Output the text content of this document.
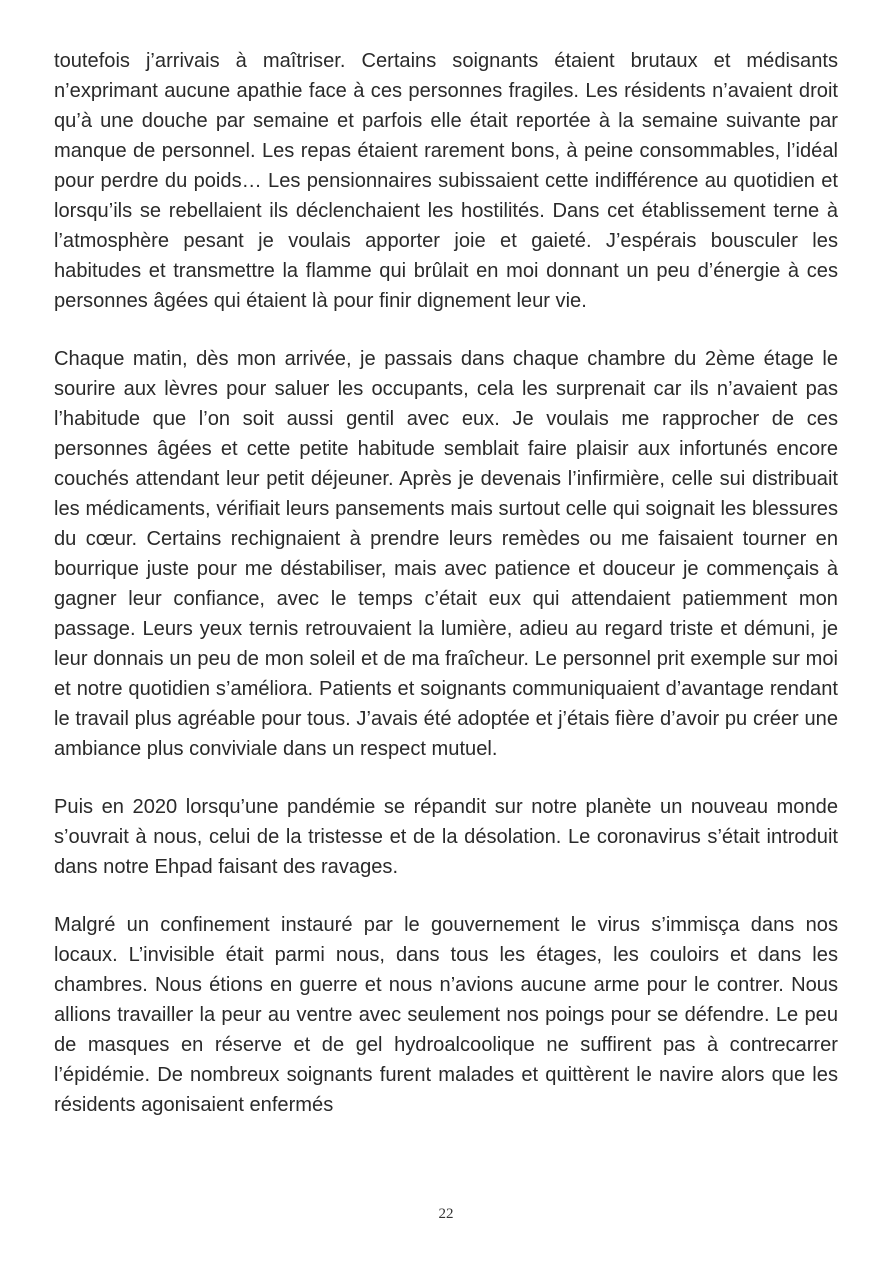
toutefois j’arrivais à maîtriser. Certains soignants étaient brutaux et médisants n’exprimant aucune apathie face à ces personnes fragiles. Les résidents n’avaient droit qu’à une douche par semaine et parfois elle était reportée à la semaine suivante par manque de personnel. Les repas étaient rarement bons, à peine consommables, l’idéal pour perdre du poids… Les pensionnaires subissaient cette indifférence au quotidien et lorsqu’ils se rebellaient ils déclenchaient les hostilités. Dans cet établissement terne à l’atmosphère pesant je voulais apporter joie et gaieté. J’espérais bousculer les habitudes et transmettre la flamme qui brûlait en moi donnant un peu d’énergie à ces personnes âgées qui étaient là pour finir dignement leur vie.

Chaque matin, dès mon arrivée, je passais dans chaque chambre du 2ème étage le sourire aux lèvres pour saluer les occupants, cela les surprenait car ils n’avaient pas l’habitude que l’on soit aussi gentil avec eux. Je voulais me rapprocher de ces personnes âgées et cette petite habitude semblait faire plaisir aux infortunés encore couchés attendant leur petit déjeuner. Après je devenais l’infirmière, celle sui distribuait les médicaments, vérifiait leurs pansements mais surtout celle qui soignait les blessures du cœur. Certains rechignaient à prendre leurs remèdes ou me faisaient tourner en bourrique juste pour me déstabiliser, mais avec patience et douceur je commençais à gagner leur confiance, avec le temps c’était eux qui attendaient patiemment mon passage. Leurs yeux ternis retrouvaient la lumière, adieu au regard triste et démuni, je leur donnais un peu de mon soleil et de ma fraîcheur. Le personnel prit exemple sur moi et notre quotidien s’améliora. Patients et soignants communiquaient d’avantage rendant le travail plus agréable pour tous. J’avais été adoptée et j’étais fière d’avoir pu créer une ambiance plus conviviale dans un respect mutuel.

Puis en 2020 lorsqu’une pandémie se répandit sur notre planète un nouveau monde s’ouvrait à nous, celui de la tristesse et de la désolation. Le coronavirus s’était introduit dans notre Ehpad faisant des ravages.

Malgré un confinement instauré par le gouvernement le virus s’immisça dans nos locaux. L’invisible était parmi nous, dans tous les étages, les couloirs et dans les chambres. Nous étions en guerre et nous n’avions aucune arme pour le contrer. Nous allions travailler la peur au ventre avec seulement nos poings pour se défendre. Le peu de masques en réserve et de gel hydroalcoolique ne suffirent pas à contrecarrer l’épidémie. De nombreux soignants furent malades et quittèrent le navire alors que les résidents agonisaient enfermés

22
